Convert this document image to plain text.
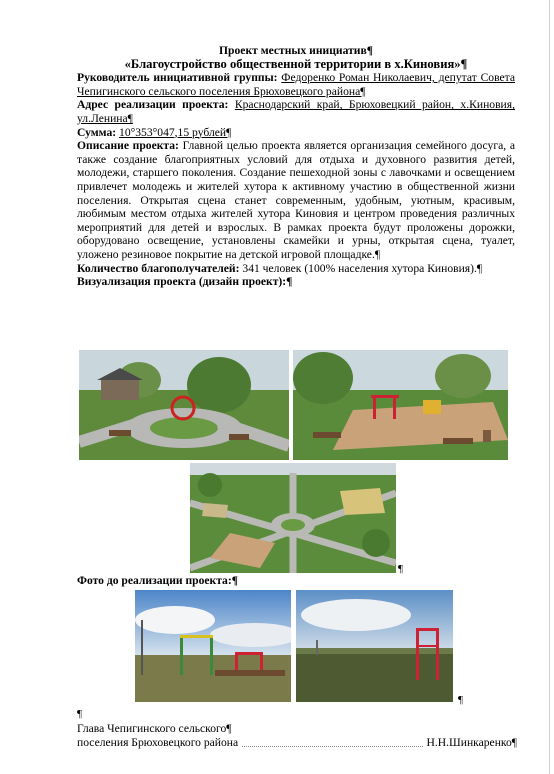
Проект местных инициатив¶
«Благоустройство общественной территории в х.Киновия»¶
Руководитель инициативной группы: Федоренко Роман Николаевич, депутат Совета Чепигинского сельского поселения Брюховецкого района¶
Адрес реализации проекта: Краснодарский край, Брюховецкий район, х.Киновия, ул.Ленина¶
Сумма: 10°353°047,15 рублей¶
Описание проекта: Главной целью проекта является организация семейного досуга, а также создание благоприятных условий для отдыха и духовного развития детей, молодежи, старшего поколения. Создание пешеходной зоны с лавочками и освещением привлечет молодежь и жителей хутора к активному участию в общественной жизни поселения. Открытая сцена станет современным, удобным, уютным, красивым, любимым местом отдыха жителей хутора Киновия и центром проведения различных мероприятий для детей и взрослых. В рамках проекта будут проложены дорожки, оборудовано освещение, установлены скамейки и урны, открытая сцена, туалет, уложено резиновое покрытие на детской игровой площадке.¶
Количество благополучателей: 341 человек (100% населения хутора Киновия).¶
Визуализация проекта (дизайн проект):¶
¶
Фото до реализации проекта:¶
¶
¶
Глава Чепигинского сельского¶
поселения Брюховецкого района	Н.Н.Шинкаренко¶
